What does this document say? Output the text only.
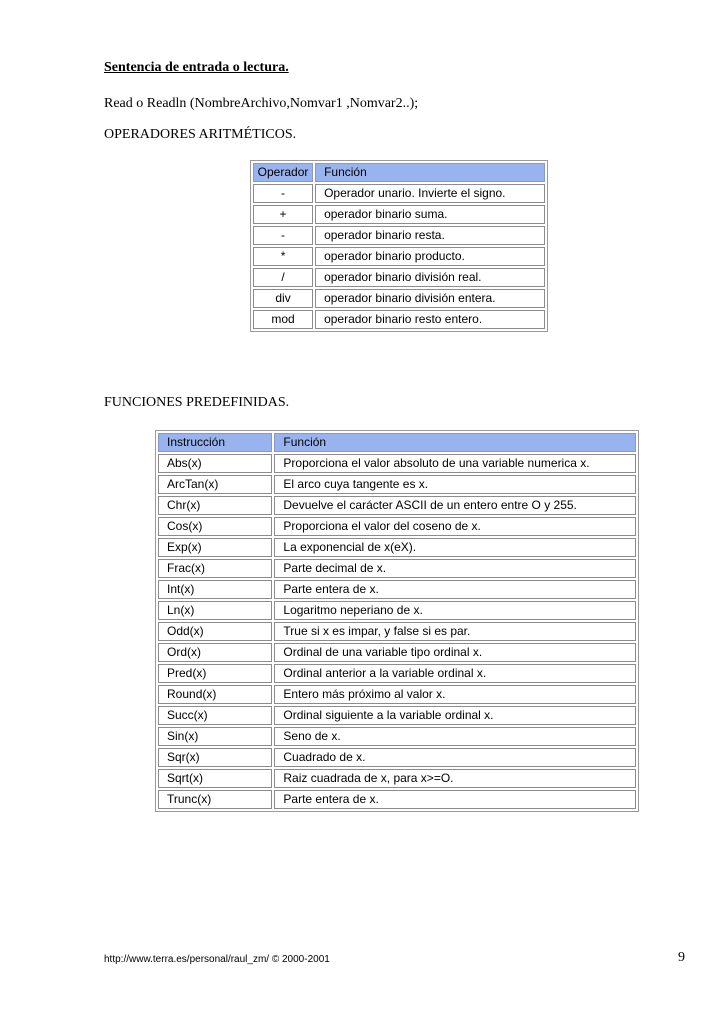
Sentencia de entrada o lectura.
Read o Readln (NombreArchivo,Nomvar1 ,Nomvar2..);
OPERADORES ARITMÉTICOS.
Operador	Función
-	Operador unario. Invierte el signo.
+	operador binario suma.
-	operador binario resta.
*	operador binario producto.
/	operador binario división real.
div	operador binario división entera.
mod	operador binario resto entero.
FUNCIONES PREDEFINIDAS.
Instrucción	Función
Abs(x)	Proporciona el valor absoluto de una variable numerica x.
ArcTan(x)	El arco cuya tangente es x.
Chr(x)	Devuelve el carácter ASCII de un entero entre O y 255.
Cos(x)	Proporciona el valor del coseno de x.
Exp(x)	La exponencial de x(eX).
Frac(x)	Parte decimal de x.
Int(x)	Parte entera de x.
Ln(x)	Logaritmo neperiano de x.
Odd(x)	True si x es impar, y false si es par.
Ord(x)	Ordinal de una variable tipo ordinal x.
Pred(x)	Ordinal anterior a la variable ordinal x.
Round(x)	Entero más próximo al valor x.
Succ(x)	Ordinal siguiente a la variable ordinal x.
Sin(x)	Seno de x.
Sqr(x)	Cuadrado de x.
Sqrt(x)	Raiz cuadrada de x, para x>=O.
Trunc(x)	Parte entera de x.
http://www.terra.es/personal/raul_zm/ © 2000-2001	9
